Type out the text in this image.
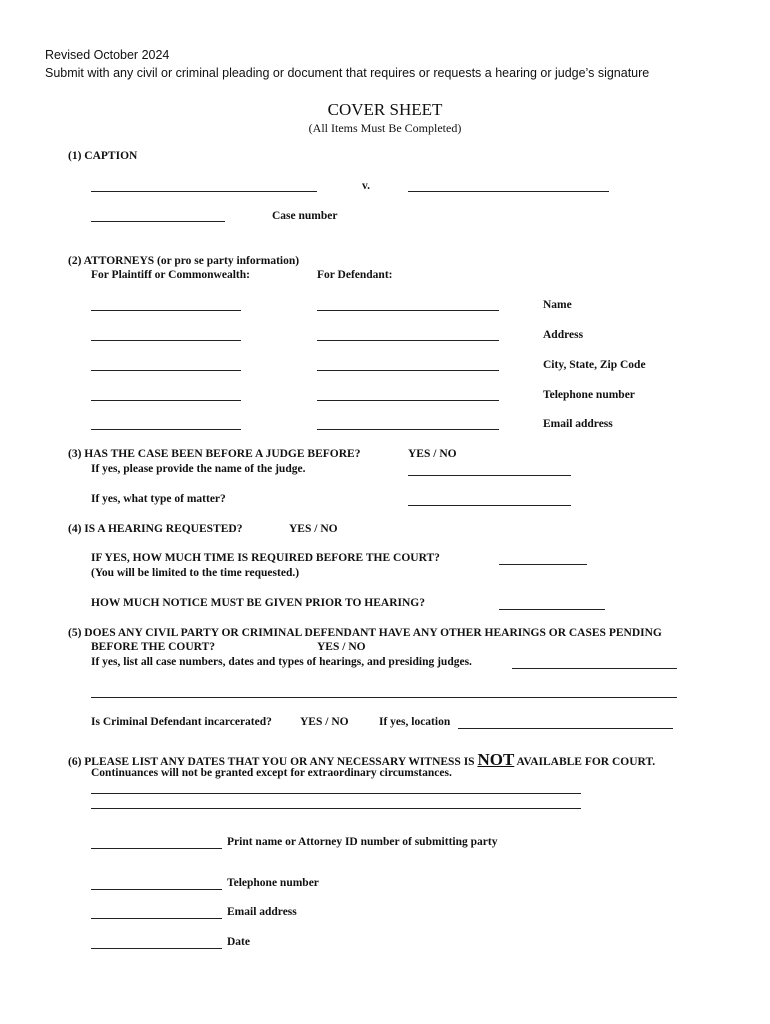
Revised October 2024
Submit with any civil or criminal pleading or document that requires or requests a hearing or judge’s signature
COVER SHEET
(All Items Must Be Completed)
(1) CAPTION
v.
Case number
(2) ATTORNEYS (or pro se party information)
For Plaintiff or Commonwealth:	For Defendant:
Name
Address
City, State, Zip Code
Telephone number
Email address
(3) HAS THE CASE BEEN BEFORE A JUDGE BEFORE?	YES / NO
If yes, please provide the name of the judge.
If yes, what type of matter?
(4) IS A HEARING REQUESTED?	YES / NO
IF YES, HOW MUCH TIME IS REQUIRED BEFORE THE COURT?
(You will be limited to the time requested.)
HOW MUCH NOTICE MUST BE GIVEN PRIOR TO HEARING?
(5) DOES ANY CIVIL PARTY OR CRIMINAL DEFENDANT HAVE ANY OTHER HEARINGS OR CASES PENDING
BEFORE THE COURT?	YES / NO
If yes, list all case numbers, dates and types of hearings, and presiding judges.
Is Criminal Defendant incarcerated? YES / NO	If yes, location
(6) PLEASE LIST ANY DATES THAT YOU OR ANY NECESSARY WITNESS IS NOT AVAILABLE FOR COURT.
Continuances will not be granted except for extraordinary circumstances.
Print name or Attorney ID number of submitting party
Telephone number
Email address
Date
